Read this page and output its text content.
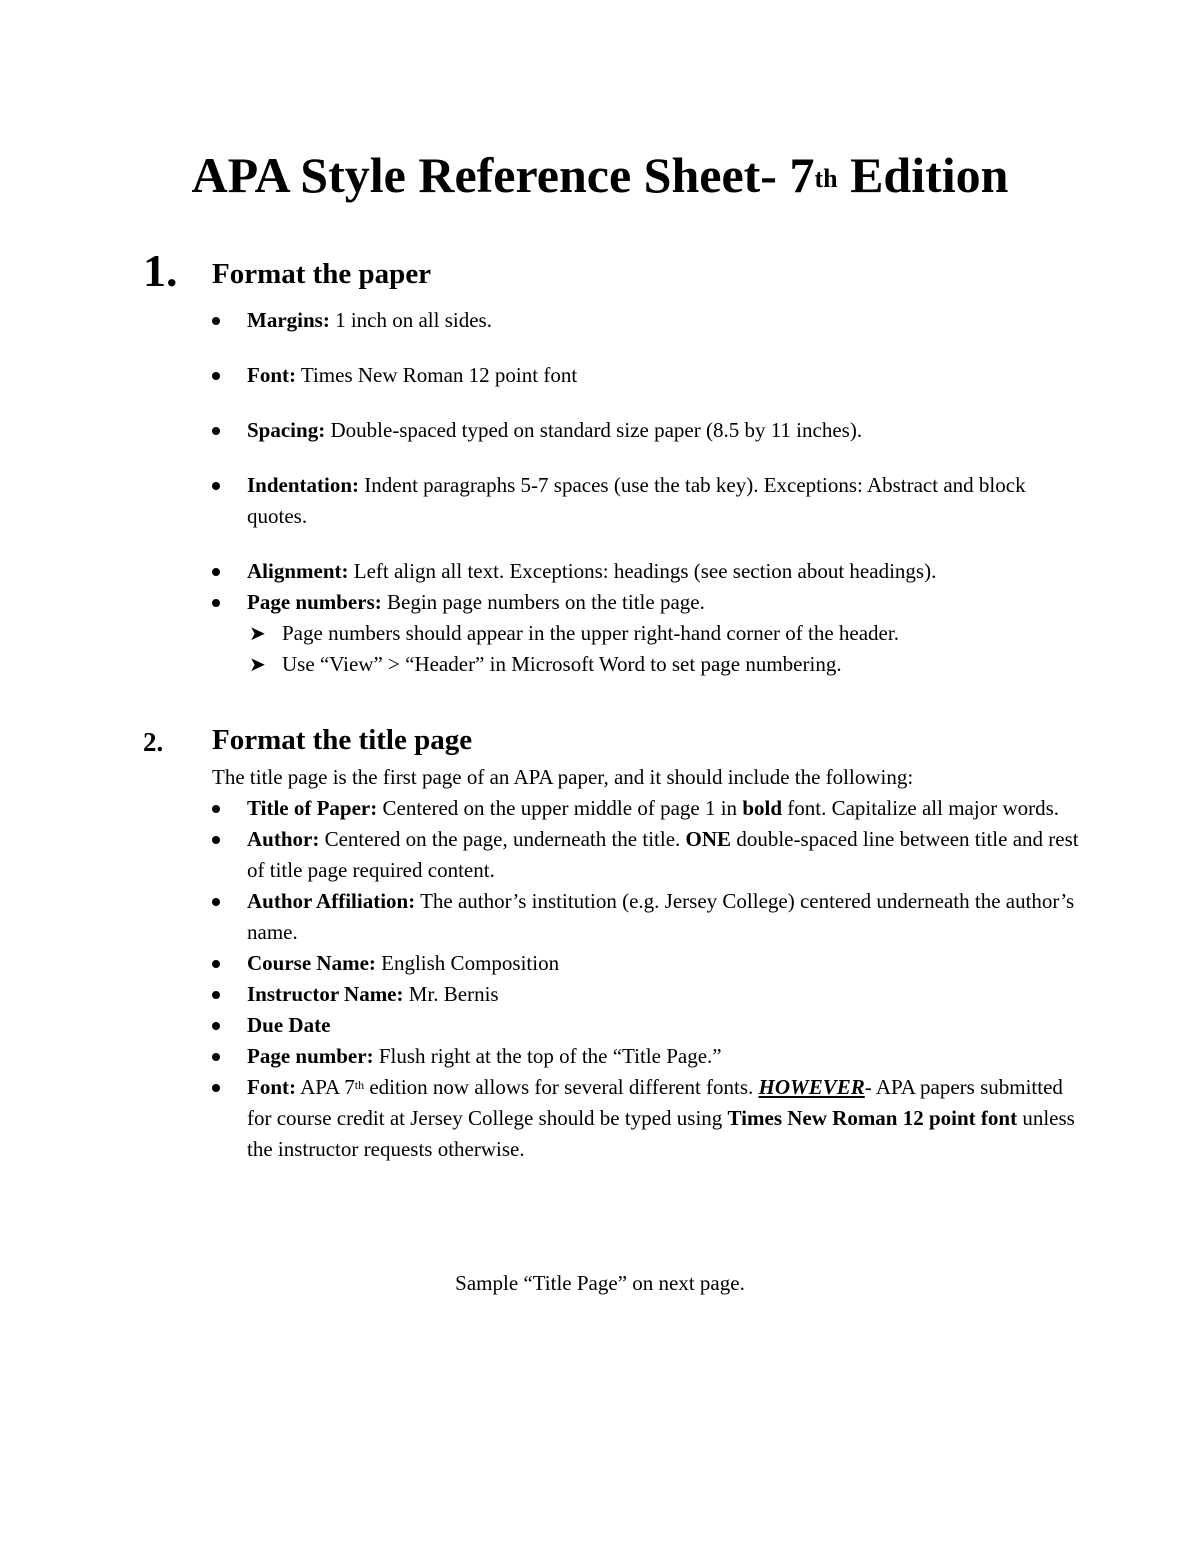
APA Style Reference Sheet- 7th Edition
1. Format the paper
Margins: 1 inch on all sides.
Font: Times New Roman 12 point font
Spacing: Double-spaced typed on standard size paper (8.5 by 11 inches).
Indentation: Indent paragraphs 5-7 spaces (use the tab key). Exceptions: Abstract and block quotes.
Alignment: Left align all text. Exceptions: headings (see section about headings).
Page numbers: Begin page numbers on the title page.
➤ Page numbers should appear in the upper right-hand corner of the header.
➤ Use “View” > “Header” in Microsoft Word to set page numbering.
2. Format the title page
The title page is the first page of an APA paper, and it should include the following:
Title of Paper: Centered on the upper middle of page 1 in bold font. Capitalize all major words.
Author: Centered on the page, underneath the title. ONE double-spaced line between title and rest of title page required content.
Author Affiliation: The author’s institution (e.g. Jersey College) centered underneath the author’s name.
Course Name: English Composition
Instructor Name: Mr. Bernis
Due Date
Page number: Flush right at the top of the “Title Page.”
Font: APA 7th edition now allows for several different fonts. HOWEVER- APA papers submitted for course credit at Jersey College should be typed using Times New Roman 12 point font unless the instructor requests otherwise.
Sample “Title Page” on next page.
